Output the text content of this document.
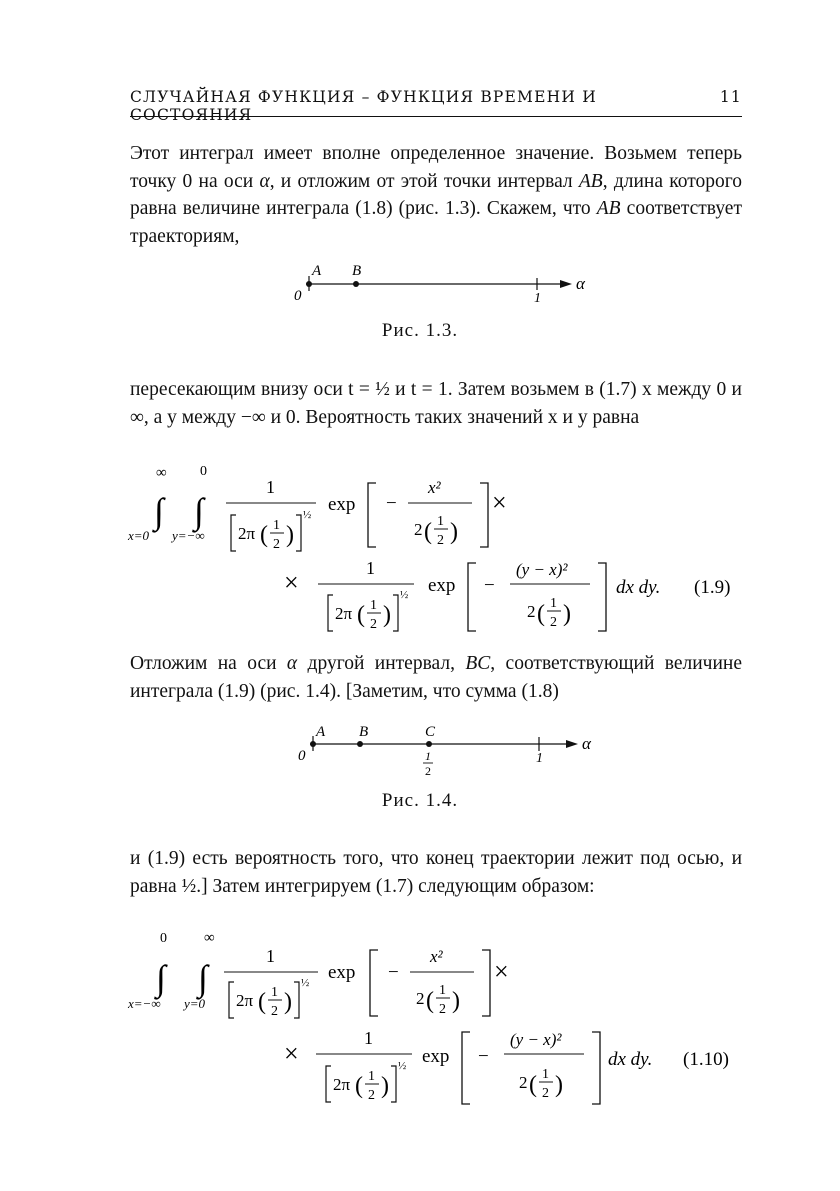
СЛУЧАЙНАЯ ФУНКЦИЯ – ФУНКЦИЯ ВРЕМЕНИ И СОСТОЯНИЯ
11

Этот интеграл имеет вполне определенное значение. Возьмем теперь точку 0 на оси α, и отложим от этой точки интервал AB, длина которого равна величине интеграла (1.8) (рис. 1.3). Скажем, что AB соответствует траекториям,

0
A B
1
α
Рис. 1.3.

пересекающим внизу оси t = ½ и t = 1. Затем возьмем в (1.7) x между 0 и ∞, а y между −∞ и 0. Вероятность таких значений x и y равна

∞ 0
∫ ∫
x=0 y=−∞
1
2π ( 1
2 )
½ exp −
x²
2 ( 1
2 )
×
×	1
2π ( 1
2 )
½ exp −
(y − x)²
2 ( 1
2 )
dx dy. (1.9)

Отложим на оси α другой интервал, BC, соответствующий величине интеграла (1.9) (рис. 1.4). [Заметим, что сумма (1.8)

0
A B	C
1
2
1
α
Рис. 1.4.

и (1.9) есть вероятность того, что конец траектории лежит под осью, и равна ½.] Затем интегрируем (1.7) следующим образом:

0 ∞
∫ ∫
x=−∞ y=0
1
2π ( 1
2 )
½ exp −
x²
2 ( 1
2 )
×
×
1
2π ( 1
2 )
½ exp −
(y − x)²
2 ( 1
2 )
dx dy. (1.10)
